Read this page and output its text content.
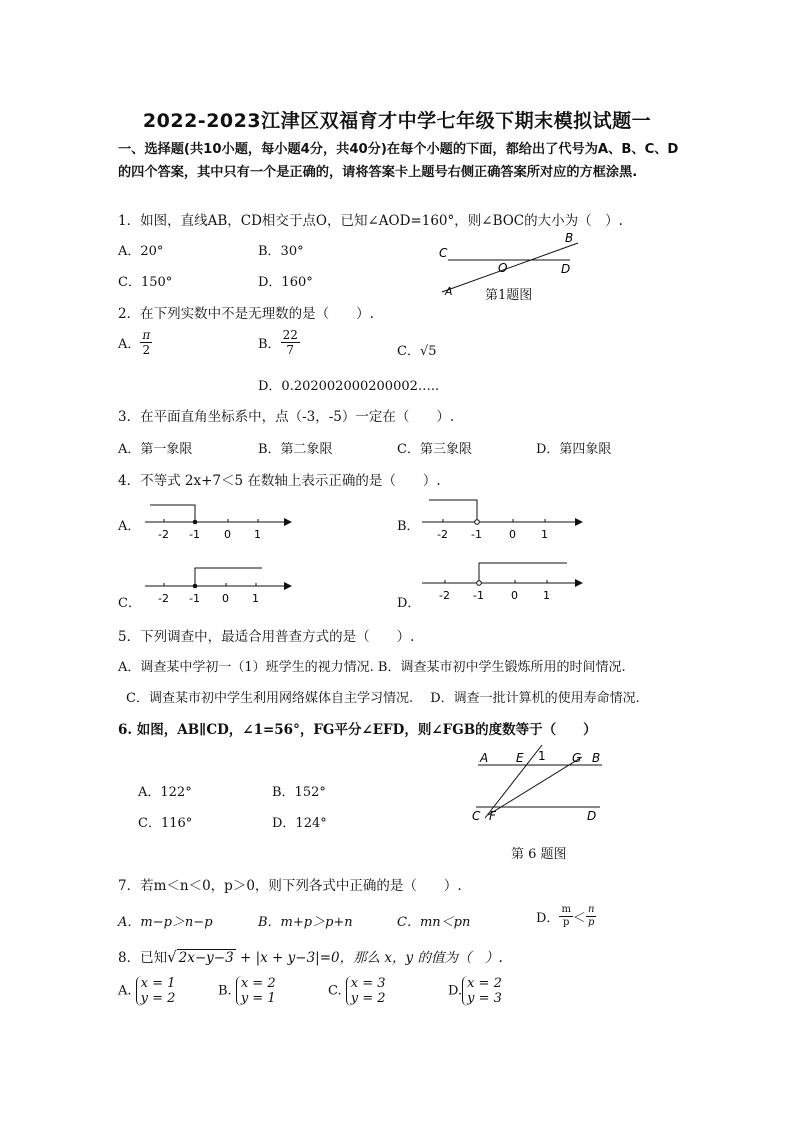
2022-2023江津区双福育才中学七年级下期末模拟试题一
一、选择题(共10小题，每小题4分，共40分)在每个小题的下面，都给出了代号为A、B、C、D的四个答案，其中只有一个是正确的，请将答案卡上题号右侧正确答案所对应的方框涂黑.
1．如图，直线AB，CD相交于点O，已知∠AOD=160°，则∠BOC的大小为（　）.
A．20°	B．30°
C．150°	D．160°
C
O	D
B
A 第1题图
2．在下列实数中不是无理数的是（　　）.
A． $\frac{\pi}{2}$	B． $\frac{22}{7}$	C．√5
D．0.202002000200002…..
3．在平面直角坐标系中，点（-3，-5）一定在（　　）.
A．第一象限	B．第二象限	C．第三象限	D．第四象限
4．不等式 2x+7＜5 在数轴上表示正确的是（　　）.
A．
-2 -1 0 1
B．
-2 -1 0 1
C． -2 -1 0 1	D．
-2 -1 0 1
5．下列调查中，最适合用普查方式的是（　　）.
A．调查某中学初一（1）班学生的视力情况. B．调查某市初中学生锻炼所用的时间情况.
C．调查某市初中学生利用网络媒体自主学习情况.　 D．调查一批计算机的使用寿命情况.
6. 如图，AB∥CD，∠1=56°，FG平分∠EFD，则∠FGB的度数等于（　　）
A．122°	B．152°
C．116°	D．124°
A E 1 G B
C F	D
第 6 题图
7．若m＜n＜0，p＞0，则下列各式中正确的是（　　）.
A．m−p＞n−p	B．m+p＞p+n	C．mn＜pn	D． $\frac{m}{p} < \frac{n}{p}$
8．已知√ 2x−y−3 + |x + y−3|=0，那么 x，y 的值为（　）.
A. x = 1
y = 2	B. x = 2
y = 1	C. x = 3
y = 2	D. x = 2
y = 3
